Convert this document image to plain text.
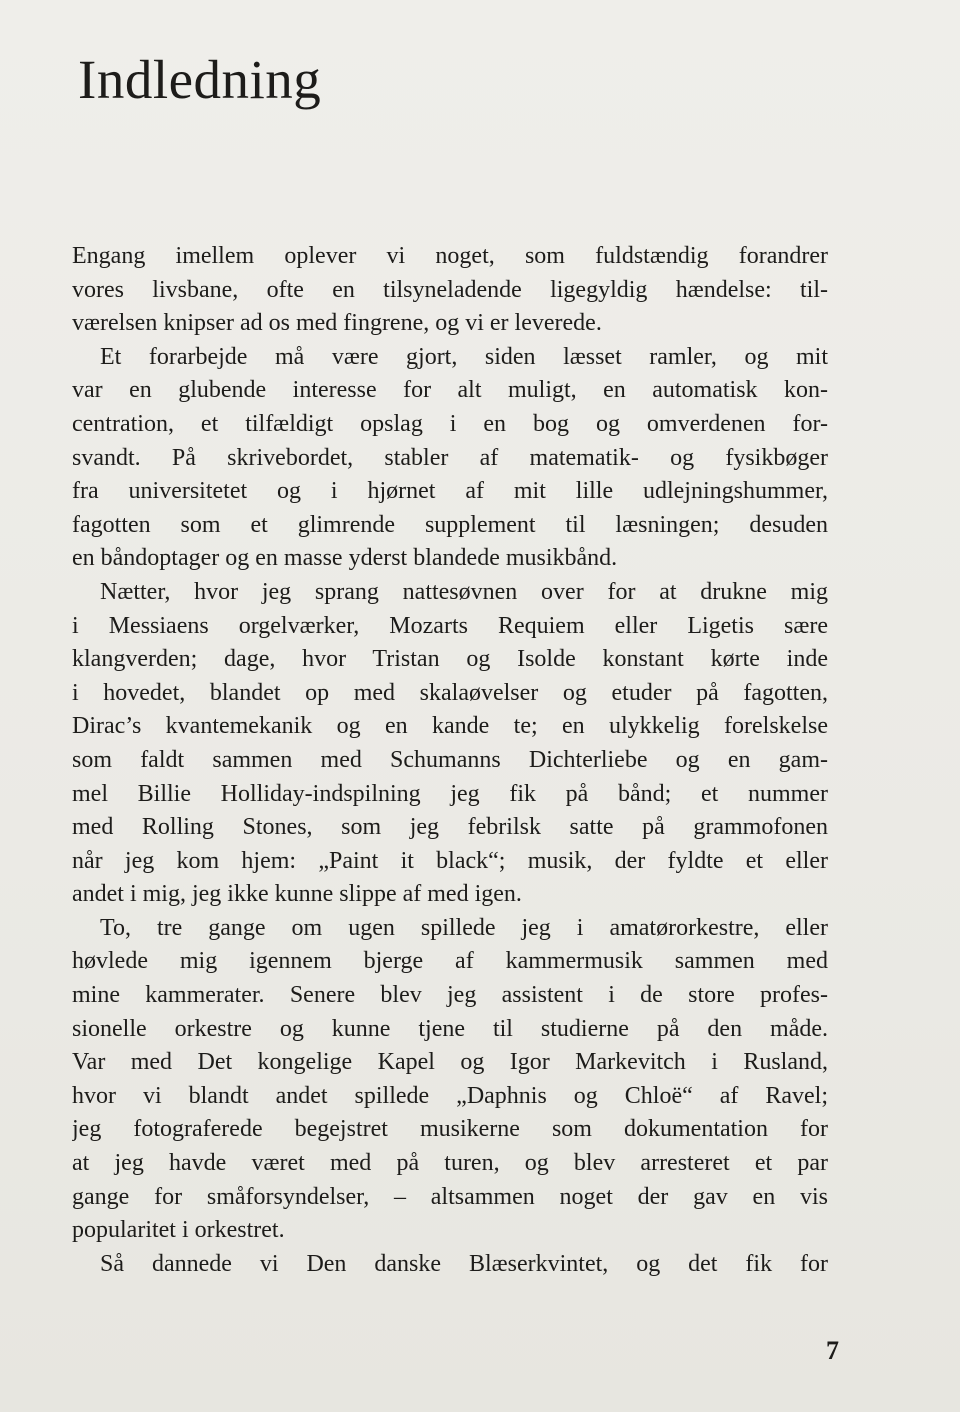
Indledning
Engang imellem oplever vi noget, som fuldstændig forandrer
vores livsbane, ofte en tilsyneladende ligegyldig hændelse: til-
værelsen knipser ad os med fingrene, og vi er leverede.
Et forarbejde må være gjort, siden læsset ramler, og mit
var en glubende interesse for alt muligt, en automatisk kon-
centration, et tilfældigt opslag i en bog og omverdenen for-
svandt. På skrivebordet, stabler af matematik- og fysikbøger
fra universitetet og i hjørnet af mit lille udlejningshummer,
fagotten som et glimrende supplement til læsningen; desuden
en båndoptager og en masse yderst blandede musikbånd.
Nætter, hvor jeg sprang nattesøvnen over for at drukne mig
i Messiaens orgelværker, Mozarts Requiem eller Ligetis sære
klangverden; dage, hvor Tristan og Isolde konstant kørte inde
i hovedet, blandet op med skalaøvelser og etuder på fagotten,
Dirac’s kvantemekanik og en kande te; en ulykkelig forelskelse
som faldt sammen med Schumanns Dichterliebe og en gam-
mel Billie Holliday-indspilning jeg fik på bånd; et nummer
med Rolling Stones, som jeg febrilsk satte på grammofonen
når jeg kom hjem: „Paint it black“; musik, der fyldte et eller
andet i mig, jeg ikke kunne slippe af med igen.
To, tre gange om ugen spillede jeg i amatørorkestre, eller
høvlede mig igennem bjerge af kammermusik sammen med
mine kammerater. Senere blev jeg assistent i de store profes-
sionelle orkestre og kunne tjene til studierne på den måde.
Var med Det kongelige Kapel og Igor Markevitch i Rusland,
hvor vi blandt andet spillede „Daphnis og Chloë“ af Ravel;
jeg fotograferede begejstret musikerne som dokumentation for
at jeg havde været med på turen, og blev arresteret et par
gange for småforsyndelser, – altsammen noget der gav en vis
popularitet i orkestret.
Så dannede vi Den danske Blæserkvintet, og det fik for
7
